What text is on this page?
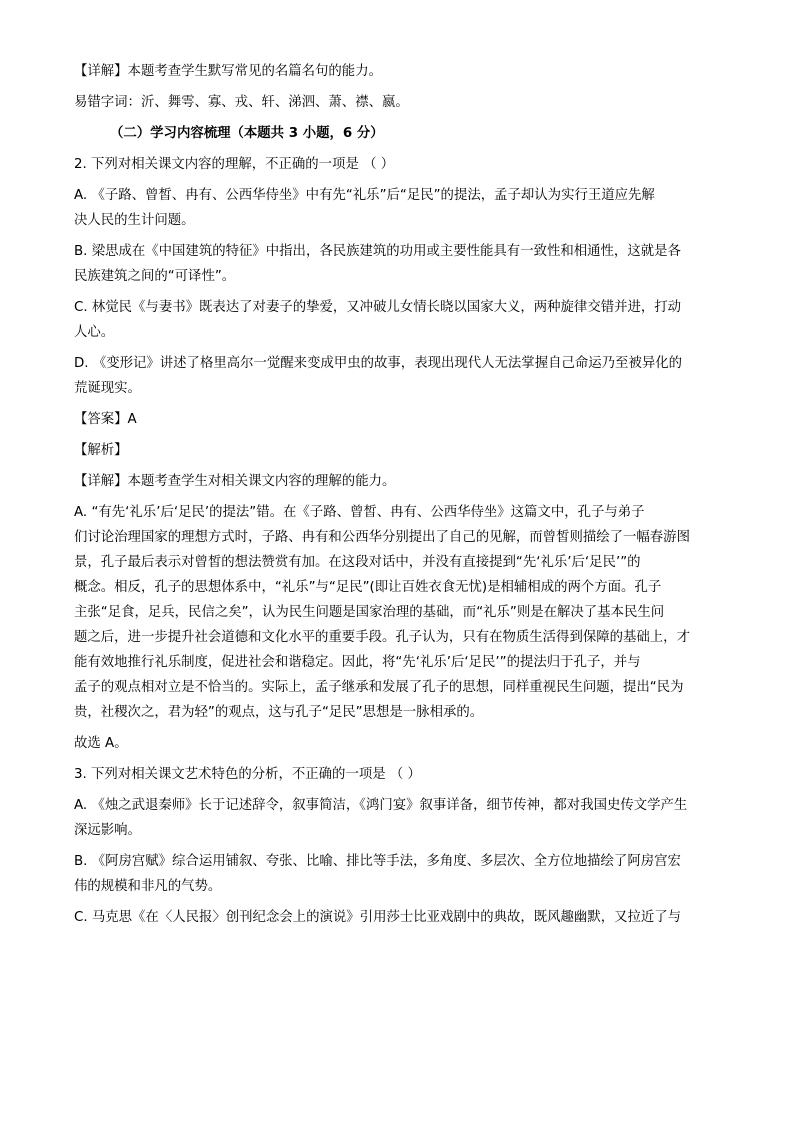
【详解】本题考查学生默写常见的名篇名句的能力。

易错字词：沂、舞雩、寡、戎、轩、涕泗、萧、襟、嬴。

（二）学习内容梳理（本题共 3 小题，6 分）

2. 下列对相关课文内容的理解，不正确的一项是 （ ）

A. 《子路、曾皙、冉有、公西华侍坐》中有先“礼乐”后“足民”的提法，孟子却认为实行王道应先解

决人民的生计问题。

B. 梁思成在《中国建筑的特征》中指出，各民族建筑的功用或主要性能具有一致性和相通性，这就是各

民族建筑之间的“可译性”。

C. 林觉民《与妻书》既表达了对妻子的挚爱，又冲破儿女情长晓以国家大义，两种旋律交错并进，打动

人心。

D. 《变形记》讲述了格里高尔一觉醒来变成甲虫的故事，表现出现代人无法掌握自己命运乃至被异化的

荒诞现实。

【答案】A

【解析】

【详解】本题考查学生对相关课文内容的理解的能力。

A. “有先‘礼乐’后‘足民’的提法”错。在《子路、曾皙、冉有、公西华侍坐》这篇文中，孔子与弟子

们讨论治理国家的理想方式时，子路、冉有和公西华分别提出了自己的见解，而曾皙则描绘了一幅春游图

景，孔子最后表示对曾皙的想法赞赏有加。在这段对话中，并没有直接提到“先‘礼乐’后‘足民’”的

概念。相反，孔子的思想体系中，“礼乐”与“足民”(即让百姓衣食无忧)是相辅相成的两个方面。孔子

主张“足食，足兵，民信之矣”，认为民生问题是国家治理的基础，而“礼乐”则是在解决了基本民生问

题之后，进一步提升社会道德和文化水平的重要手段。孔子认为，只有在物质生活得到保障的基础上，才

能有效地推行礼乐制度，促进社会和谐稳定。因此，将“先‘礼乐’后‘足民’”的提法归于孔子，并与

孟子的观点相对立是不恰当的。实际上，孟子继承和发展了孔子的思想，同样重视民生问题，提出“民为

贵，社稷次之，君为轻”的观点，这与孔子“足民”思想是一脉相承的。

故选 A。

3. 下列对相关课文艺术特色的分析，不正确的一项是 （ ）

A. 《烛之武退秦师》长于记述辞令，叙事简洁，《鸿门宴》叙事详备，细节传神，都对我国史传文学产生

深远影响。

B. 《阿房宫赋》综合运用铺叙、夸张、比喻、排比等手法，多角度、多层次、全方位地描绘了阿房宫宏

伟的规模和非凡的气势。

C. 马克思《在〈人民报〉创刊纪念会上的演说》引用莎士比亚戏剧中的典故，既风趣幽默，又拉近了与
